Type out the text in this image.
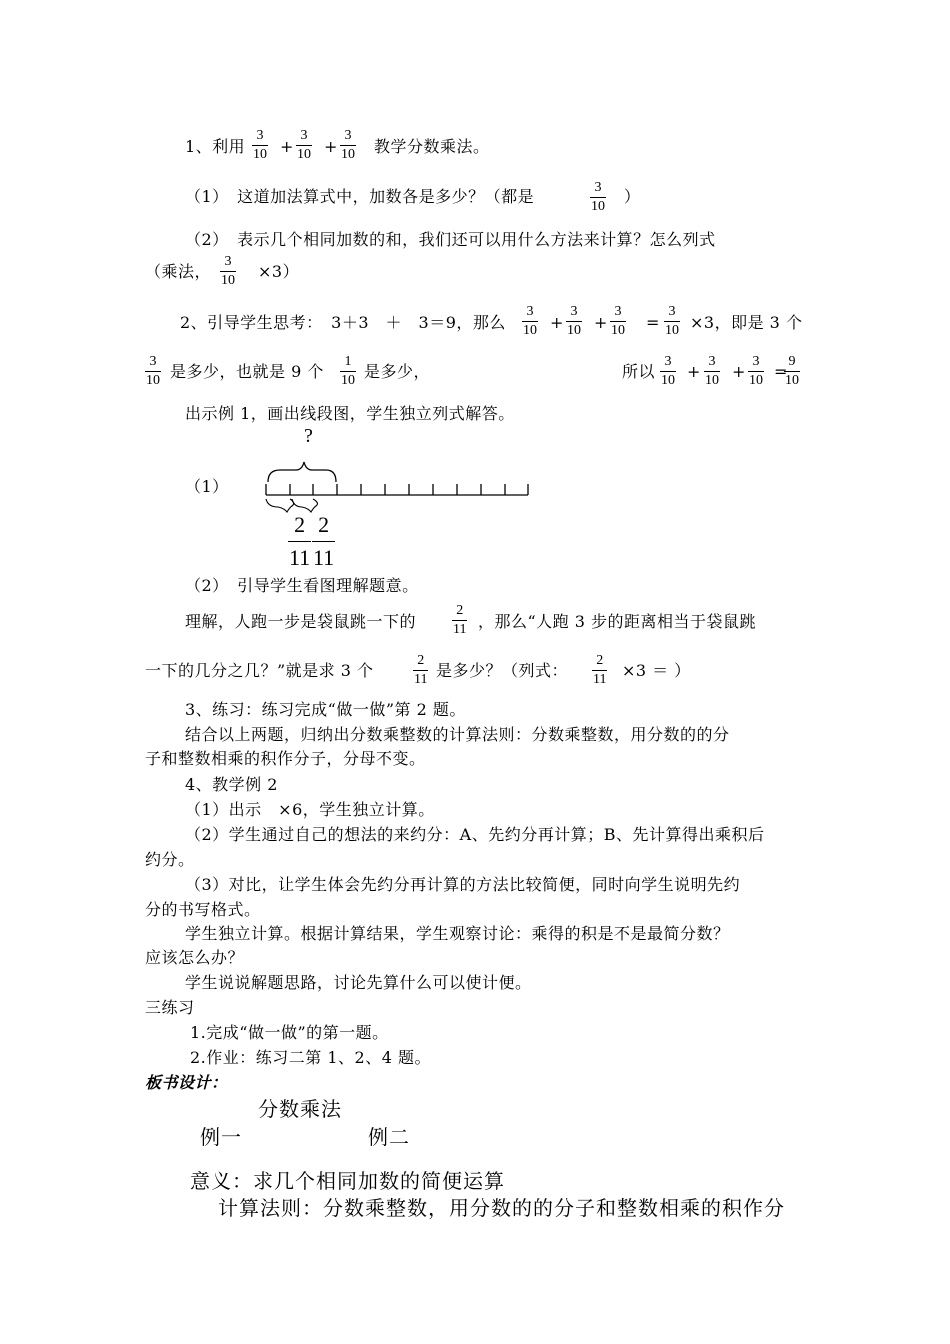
1、利用
3
10 +
3
10 +
3
10 教学分数乘法。
（1）　这道加法算式中，加数各是多少？（都是	3
10
）
（2）　表示几个相同加数的和，我们还可以用什么方法来计算？怎么列式
（乘法，
3
10 ×3）
2、引导学生思考：　3＋3　＋　3＝9，那么
3
10 +
3
10 +
3
10 =
3
10 ×3，即是 3 个
3
10 是多少，也就是 9 个
1
10 是多少，	所以
3
10 +
3
10 +
3
10 =
9
10
出示例 1，画出线段图，学生独立列式解答。
?
（1）
2
11
2
11
（2）　引导学生看图理解题意。
理解，人跑一步是袋鼠跳一下的
2
11 ，那么“人跑 3 步的距离相当于袋鼠跳
一下的几分之几？”就是求 3 个
2
11 是多少？（列式：
2
11 ×3 ＝ ）
3、练习：练习完成“做一做”第 2 题。
结合以上两题，归纳出分数乘整数的计算法则：分数乘整数，用分数的的分
子和整数相乘的积作分子，分母不变。
4、教学例 2
（1）出示　×6，学生独立计算。
（2）学生通过自己的想法的来约分：A、先约分再计算；B、先计算得出乘积后
约分。
（3）对比，让学生体会先约分再计算的方法比较简便，同时向学生说明先约
分的书写格式。
学生独立计算。根据计算结果，学生观察讨论：乘得的积是不是最简分数？
应该怎么办？
学生说说解题思路，讨论先算什么可以使计便。
三练习
1.完成“做一做”的第一题。
2.作业：练习二第 1、2、4 题。
板书设计：
分数乘法
例一	例二
意义：求几个相同加数的简便运算
计算法则：分数乘整数，用分数的的分子和整数相乘的积作分
